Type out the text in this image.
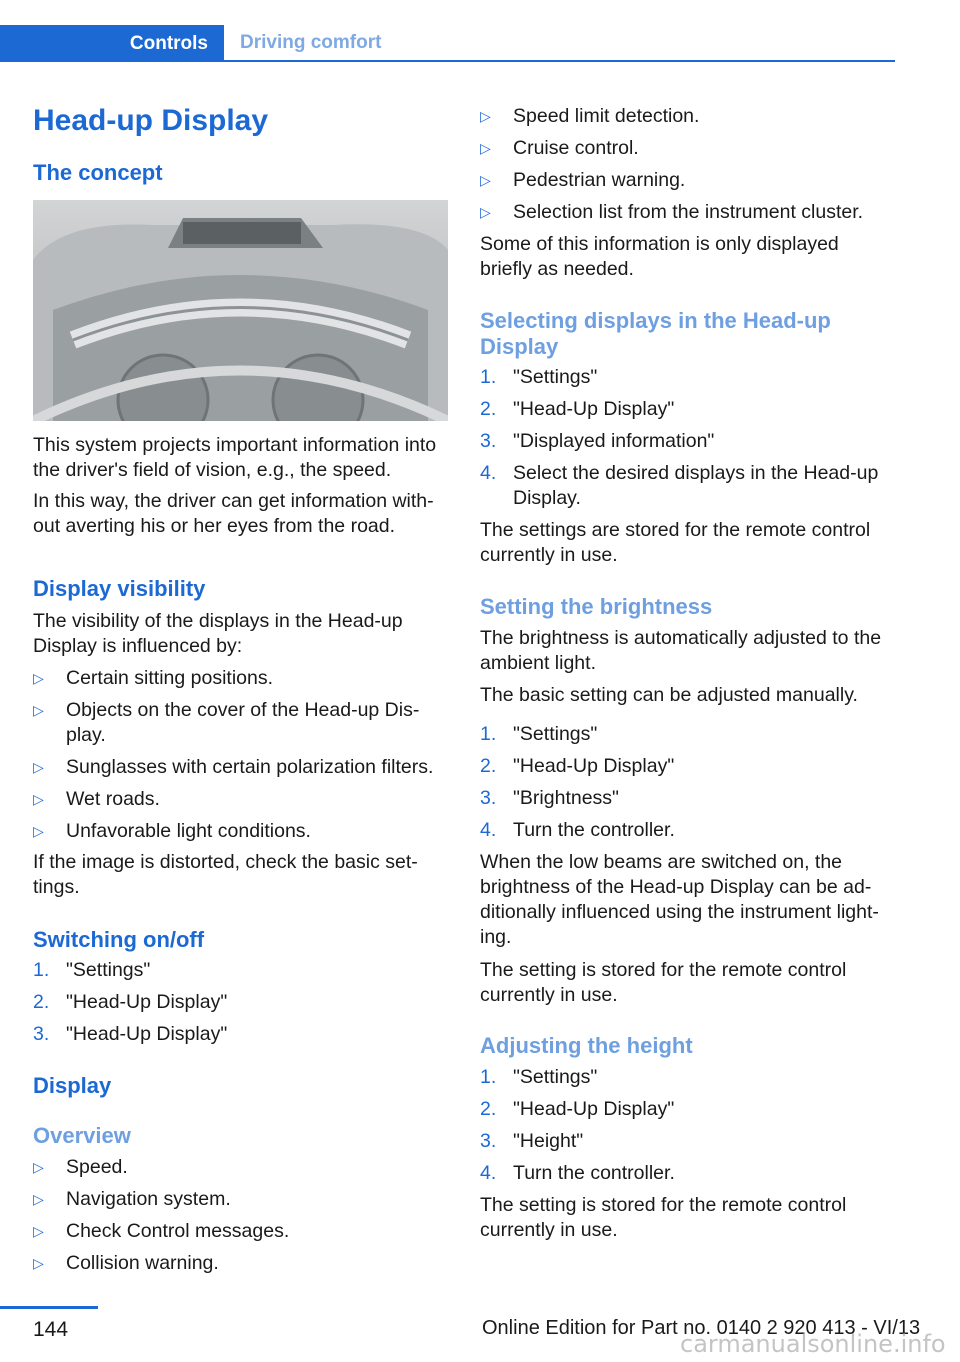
Controls Driving comfort
Head-up Display
The concept

This system projects important information into the driver's field of vision, e.g., the speed.

In this way, the driver can get information with-out averting his or her eyes from the road.

Display visibility

The visibility of the displays in the Head-up Display is influenced by:

▷ Certain sitting positions.
▷ Objects on the cover of the Head-up Dis-play.
▷ Sunglasses with certain polarization filters.
▷ Wet roads.
▷ Unfavorable light conditions.

If the image is distorted, check the basic set-tings.

Switching on/off
1. "Settings"
2. "Head-Up Display"
3. "Head-Up Display"
Display
Overview
▷ Speed.
▷ Navigation system.
▷ Check Control messages.
▷ Collision warning.
▷ Speed limit detection.
▷ Cruise control.
▷ Pedestrian warning.
▷ Selection list from the instrument cluster.

Some of this information is only displayed briefly as needed.

Selecting displays in the Head-up Display
1. "Settings"
2. "Head-Up Display"
3. "Displayed information"
4. Select the desired displays in the Head-up Display.

The settings are stored for the remote control currently in use.

Setting the brightness

The brightness is automatically adjusted to the ambient light.

The basic setting can be adjusted manually.

1. "Settings"
2. "Head-Up Display"
3. "Brightness"
4. Turn the controller.

When the low beams are switched on, the brightness of the Head-up Display can be ad-ditionally influenced using the instrument light-ing.

The setting is stored for the remote control currently in use.

Adjusting the height
1. "Settings"
2. "Head-Up Display"
3. "Height"
4. Turn the controller.

The setting is stored for the remote control currently in use.

144	Online Edition for Part no. 0140 2 920 413 - VI/13
carmanualsonline.info
